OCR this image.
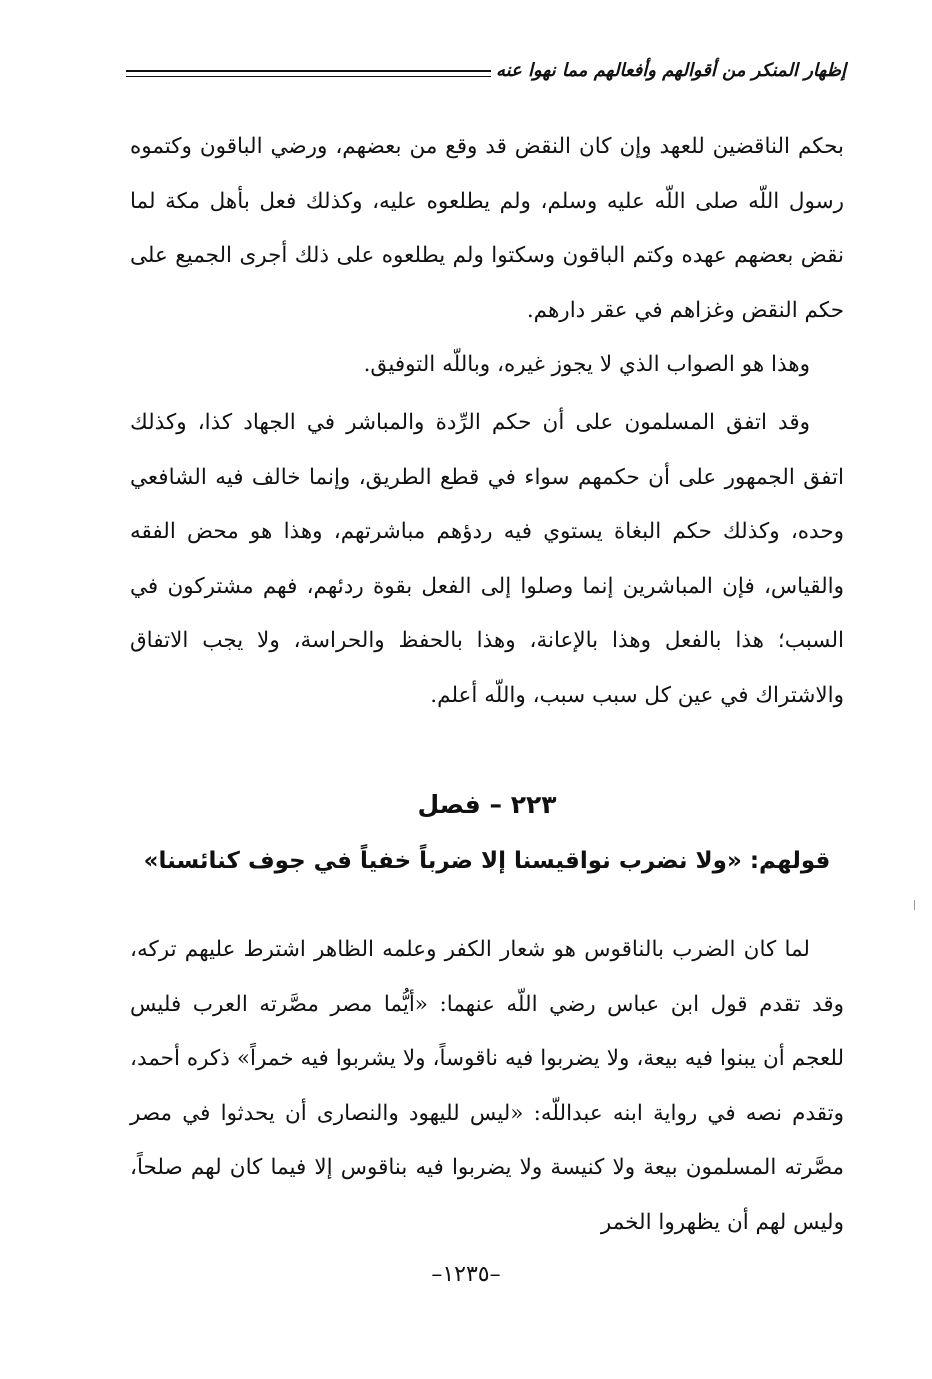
إظهار المنكر من أقوالهم وأفعالهم مما نهوا عنه

بحكم الناقضين للعهد وإن كان النقض قد وقع من بعضهم، ورضي الباقون وكتموه رسول اللّه صلى اللّه عليه وسلم، ولم يطلعوه عليه، وكذلك فعل بأهل مكة لما نقض بعضهم عهده وكتم الباقون وسكتوا ولم يطلعوه على ذلك أجرى الجميع على حكم النقض وغزاهم في عقر دارهم.

وهذا هو الصواب الذي لا يجوز غيره، وباللّه التوفيق.

وقد اتفق المسلمون على أن حكم الرِّدة والمباشر في الجهاد كذا، وكذلك اتفق الجمهور على أن حكمهم سواء في قطع الطريق، وإنما خالف فيه الشافعي وحده، وكذلك حكم البغاة يستوي فيه ردؤهم مباشرتهم، وهذا هو محض الفقه والقياس، فإن المباشرين إنما وصلوا إلى الفعل بقوة ردئهم، فهم مشتركون في السبب؛ هذا بالفعل وهذا بالإعانة، وهذا بالحفظ والحراسة، ولا يجب الاتفاق والاشتراك في عين كل سبب سبب، واللّه أعلم.

٢٢٣ – فصل
قولهم: «ولا نضرب نواقيسنا إلا ضرباً خفياً في جوف كنائسنا»

لما كان الضرب بالناقوس هو شعار الكفر وعلمه الظاهر اشترط عليهم تركه، وقد تقدم قول ابن عباس رضي اللّه عنهما: «أيُّما مصر مصَّرته العرب فليس للعجم أن يبنوا فيه بيعة، ولا يضربوا فيه ناقوساً، ولا يشربوا فيه خمراً» ذكره أحمد، وتقدم نصه في رواية ابنه عبداللّه: «ليس لليهود والنصارى أن يحدثوا في مصر مصَّرته المسلمون بيعة ولا كنيسة ولا يضربوا فيه بناقوس إلا فيما كان لهم صلحاً، وليس لهم أن يظهروا الخمر

–١٢٣٥–
